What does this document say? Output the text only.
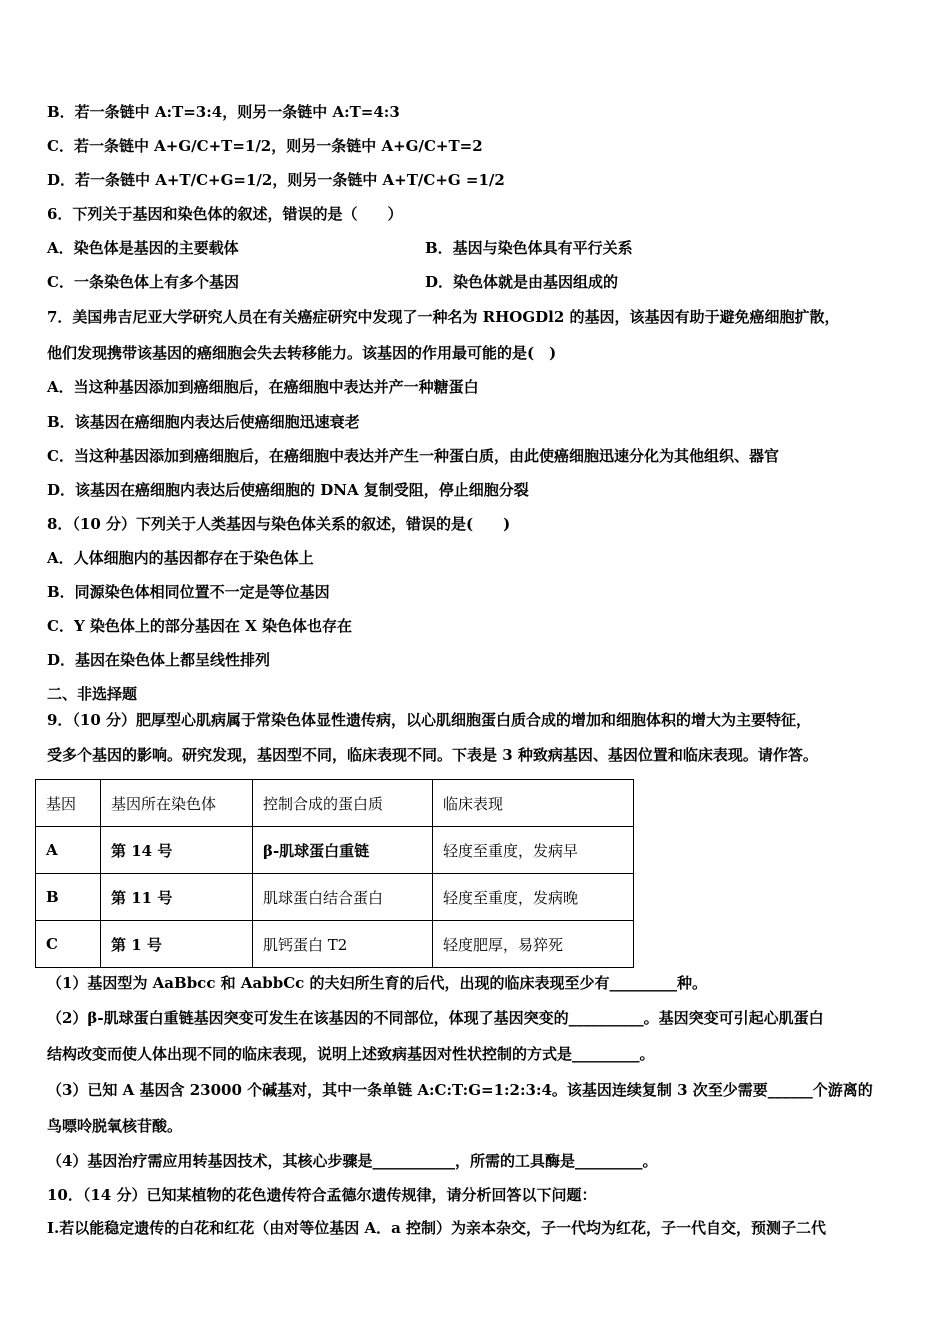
B．若一条链中 A:T=3:4，则另一条链中 A:T=4:3
C．若一条链中 A+G/C+T=1/2，则另一条链中 A+G/C+T=2
D．若一条链中 A+T/C+G=1/2，则另一条链中 A+T/C+G =1/2
6．下列关于基因和染色体的叙述，错误的是（　　）
A．染色体是基因的主要载体	B．基因与染色体具有平行关系
C．一条染色体上有多个基因	D．染色体就是由基因组成的
7．美国弗吉尼亚大学研究人员在有关癌症研究中发现了一种名为 RHOGDl2 的基因，该基因有助于避免癌细胞扩散，
他们发现携带该基因的癌细胞会失去转移能力。该基因的作用最可能的是(　)
A．当这种基因添加到癌细胞后，在癌细胞中表达并产一种糖蛋白
B．该基因在癌细胞内表达后使癌细胞迅速衰老
C．当这种基因添加到癌细胞后，在癌细胞中表达并产生一种蛋白质，由此使癌细胞迅速分化为其他组织、器官
D．该基因在癌细胞内表达后使癌细胞的 DNA 复制受阻，停止细胞分裂
8．（10 分）下列关于人类基因与染色体关系的叙述，错误的是(　　)
A．人体细胞内的基因都存在于染色体上
B．同源染色体相同位置不一定是等位基因
C．Y 染色体上的部分基因在 X 染色体也存在
D．基因在染色体上都呈线性排列
二、非选择题
9．（10 分）肥厚型心肌病属于常染色体显性遗传病，以心肌细胞蛋白质合成的增加和细胞体积的增大为主要特征，
受多个基因的影响。研究发现，基因型不同，临床表现不同。下表是 3 种致病基因、基因位置和临床表现。请作答。
基因	基因所在染色体	控制合成的蛋白质	临床表现
A	第 14 号	β-肌球蛋白重链	轻度至重度，发病早
B	第 11 号	肌球蛋白结合蛋白	轻度至重度，发病晚
C	第 1 号	肌钙蛋白 T2	轻度肥厚，易猝死
（1）基因型为 AaBbcc 和 AabbCc 的夫妇所生育的后代，出现的临床表现至少有_________种。
（2）β-肌球蛋白重链基因突变可发生在该基因的不同部位，体现了基因突变的__________。基因突变可引起心肌蛋白
结构改变而使人体出现不同的临床表现，说明上述致病基因对性状控制的方式是_________。
（3）已知 A 基因含 23000 个碱基对，其中一条单链 A:C:T:G=1:2:3:4。该基因连续复制 3 次至少需要______个游离的
鸟嘌呤脱氧核苷酸。
（4）基因治疗需应用转基因技术，其核心步骤是___________，所需的工具酶是_________。
10．（14 分）已知某植物的花色遗传符合孟德尔遗传规律，请分析回答以下问题：
I.若以能稳定遗传的白花和红花（由对等位基因 A．a 控制）为亲本杂交，子一代均为红花，子一代自交，预测子二代
